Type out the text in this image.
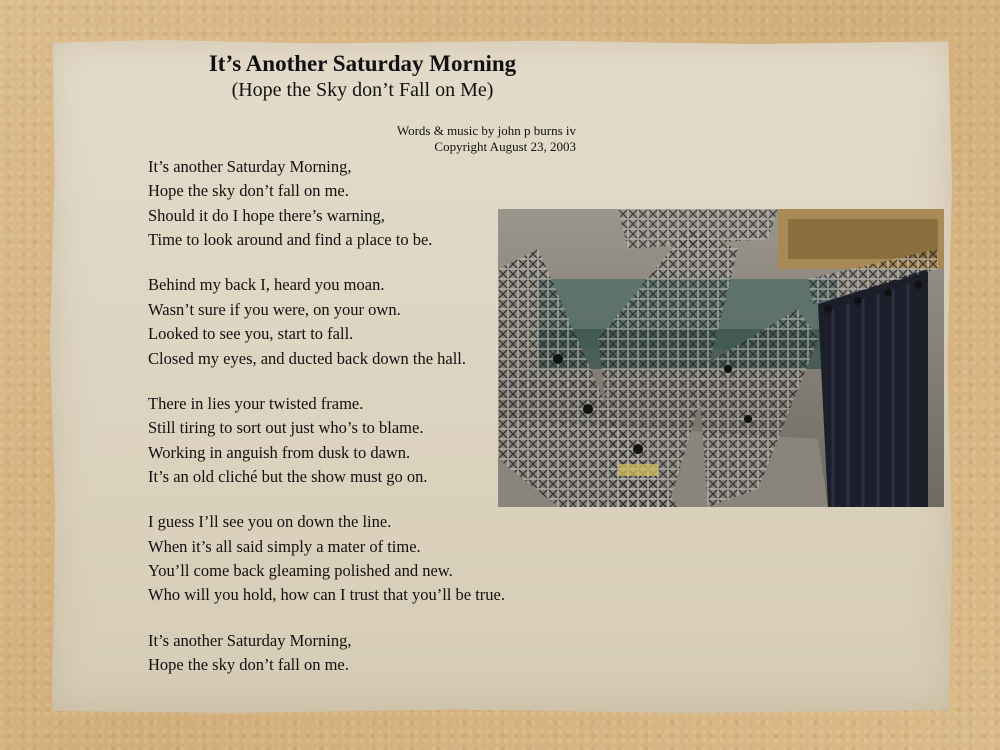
It’s Another Saturday Morning
(Hope the Sky don’t Fall on Me)
Words & music by john p burns iv
Copyright August 23, 2003
It’s another Saturday Morning,
Hope the sky don’t fall on me.
Should it do I hope there’s warning,
Time to look around and find a place to be.
Behind my back I, heard you moan.
Wasn’t sure if you were, on your own.
Looked to see you, start to fall.
Closed my eyes, and ducted back down the hall.
There in lies your twisted frame.
Still tiring to sort out just who’s to blame.
Working in anguish from dusk to dawn.
It’s an old cliché but the show must go on.
I guess I’ll see you on down the line.
When it’s all said simply a mater of time.
You’ll come back gleaming polished and new.
Who will you hold, how can I trust that you’ll be true.
It’s another Saturday Morning,
Hope the sky don’t fall on me.
